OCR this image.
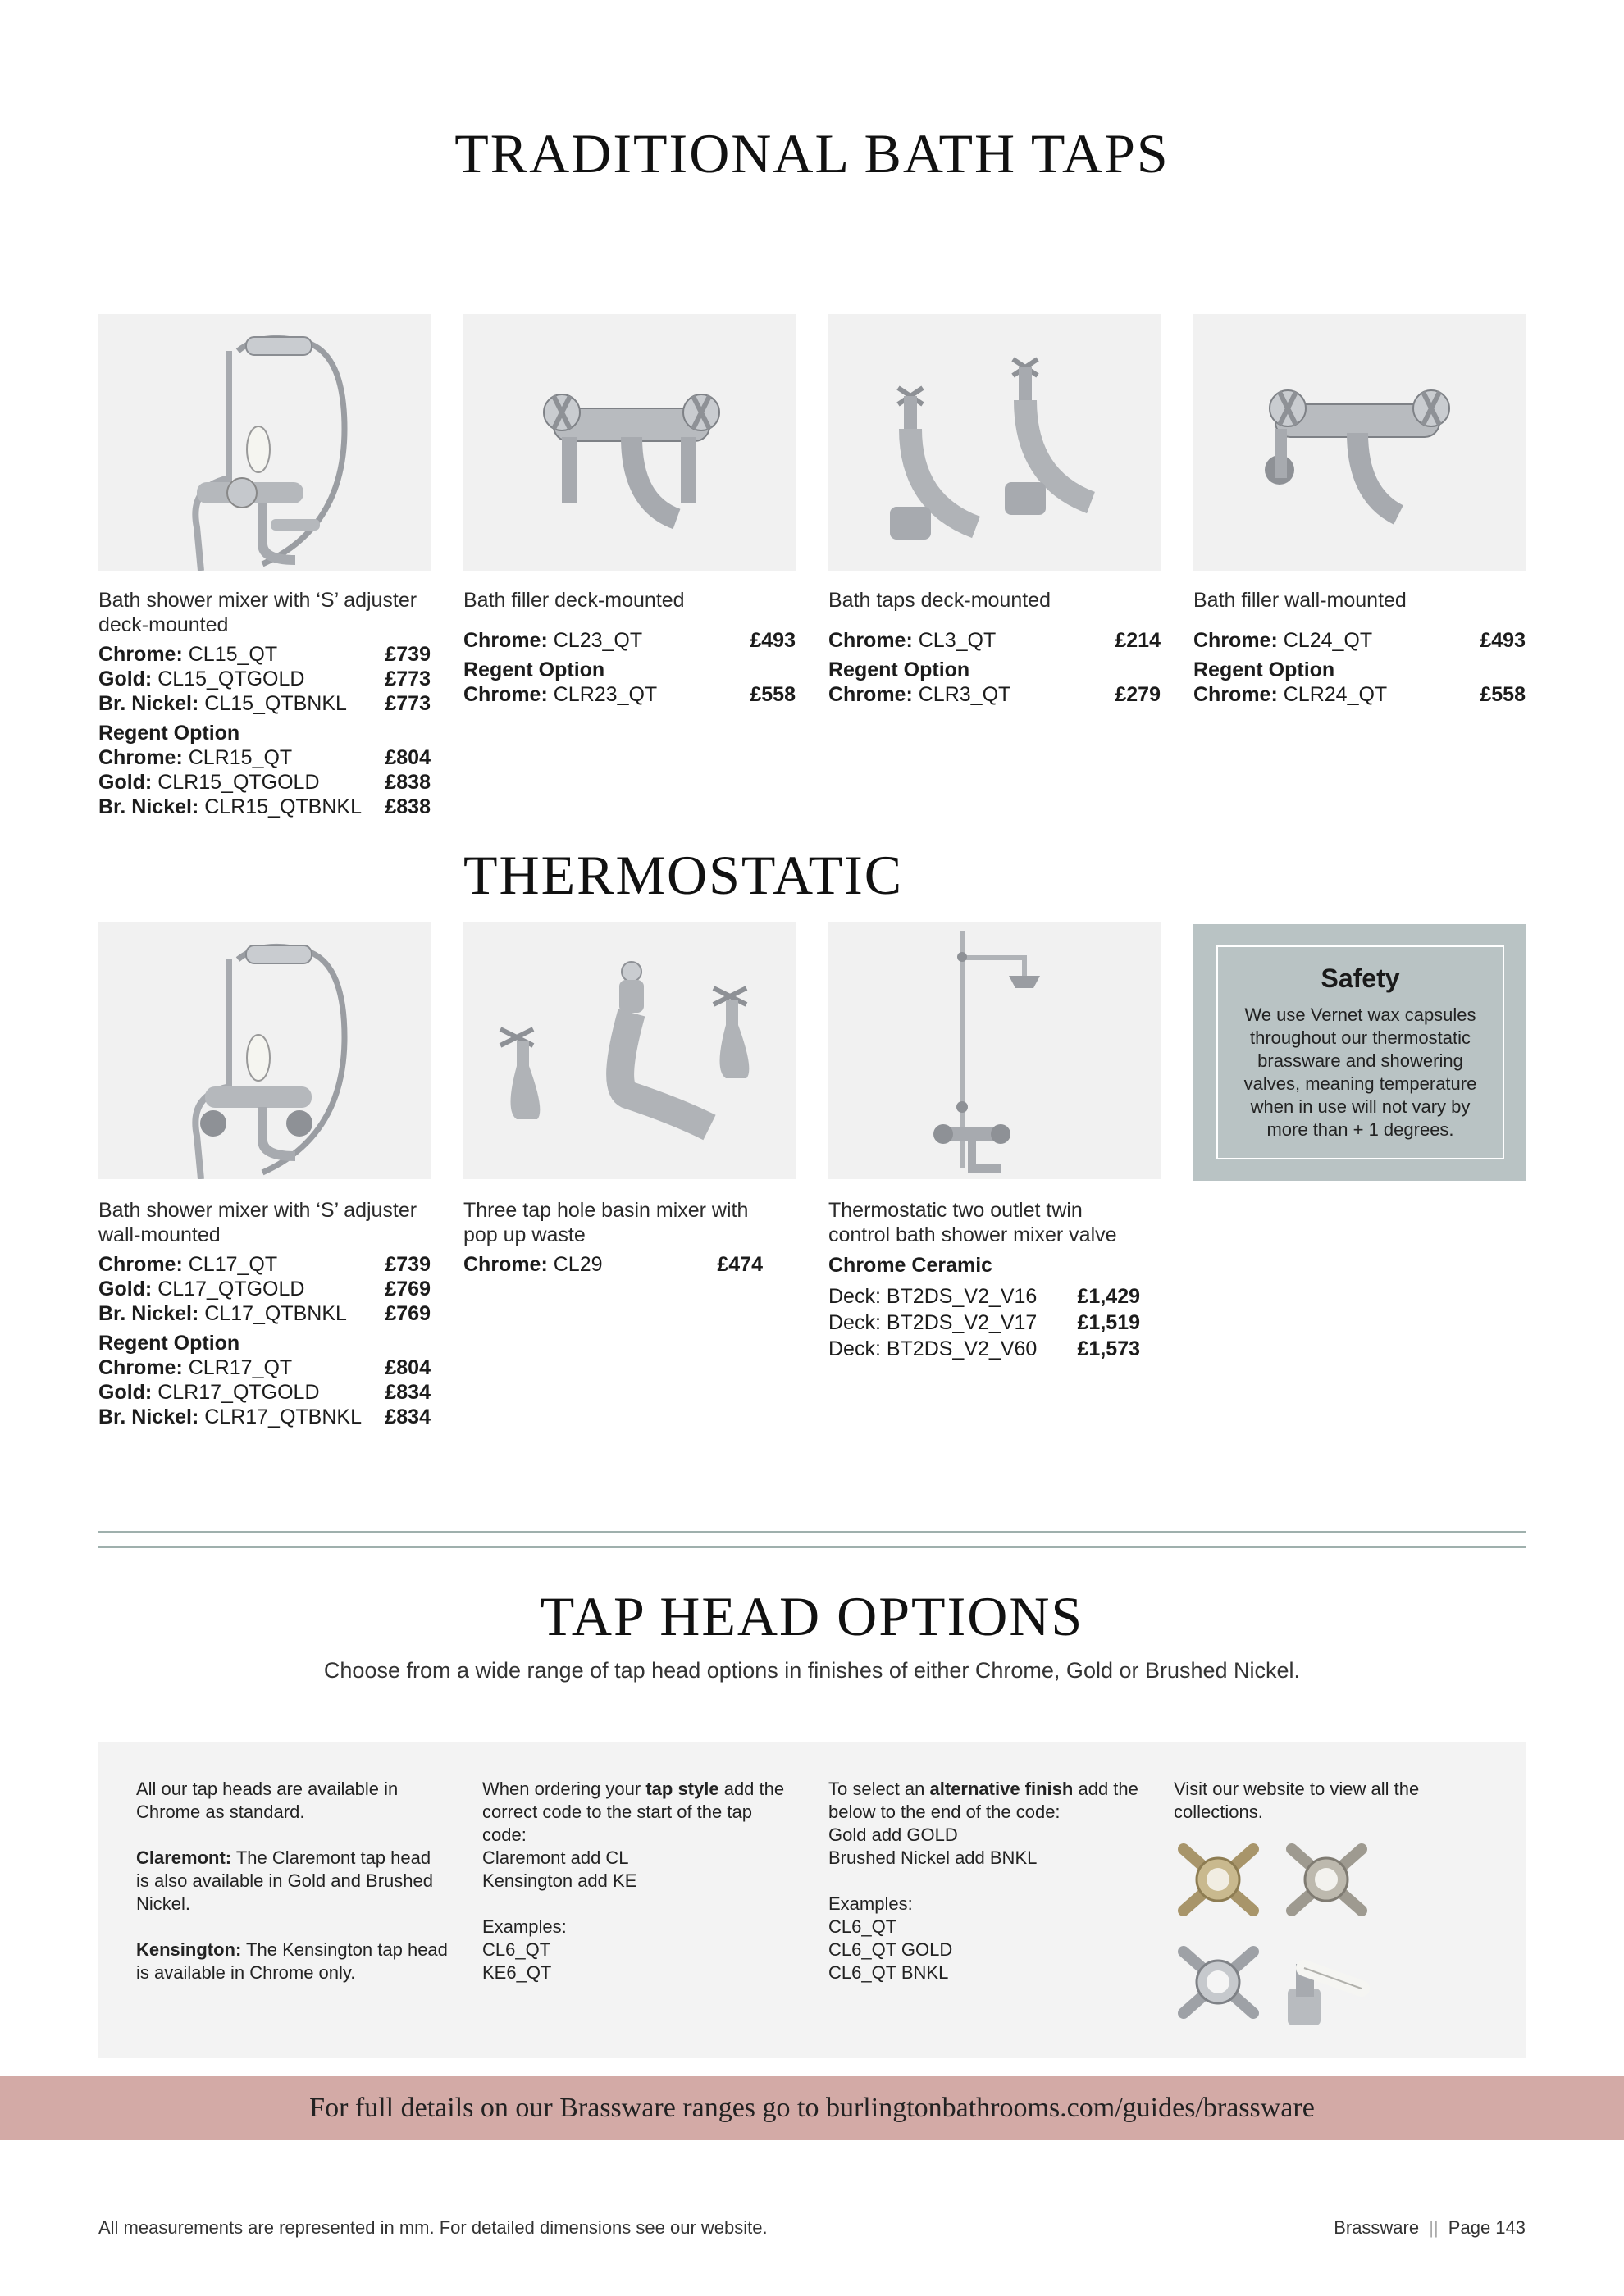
TRADITIONAL BATH TAPS
Bath shower mixer with ‘S’ adjuster deck-mounted
Chrome: CL15_QT	£739
Gold: CL15_QTGOLD	£773
Br. Nickel: CL15_QTBNKL £773
Regent Option
Chrome: CLR15_QT	£804
Gold: CLR15_QTGOLD	£838
Br. Nickel: CLR15_QTBNKL £838
Bath filler deck-mounted
Chrome: CL23_QT	£493
Regent Option
Chrome: CLR23_QT	£558
Bath taps deck-mounted
Chrome: CL3_QT	£214
Regent Option
Chrome: CLR3_QT	£279
Bath filler wall-mounted
Chrome: CL24_QT	£493
Regent Option
Chrome: CLR24_QT	£558
THERMOSTATIC
Safety
We use Vernet wax capsules throughout our thermostatic brassware and showering valves, meaning temperature when in use will not vary by more than + 1 degrees.
Bath shower mixer with ‘S’ adjuster wall-mounted
Chrome: CL17_QT	£739
Gold: CL17_QTGOLD	£769
Br. Nickel: CL17_QTBNKL £769
Regent Option
Chrome: CLR17_QT	£804
Gold: CLR17_QTGOLD	£834
Br. Nickel: CLR17_QTBNKL £834
Three tap hole basin mixer with pop up waste
Chrome: CL29	£474
Thermostatic two outlet twin control bath shower mixer valve
Chrome Ceramic
Deck: BT2DS_V2_V16 £1,429
Deck: BT2DS_V2_V17 £1,519
Deck: BT2DS_V2_V60 £1,573
TAP HEAD OPTIONS
Choose from a wide range of tap head options in finishes of either Chrome, Gold or Brushed Nickel.

All our tap heads are available in Chrome as standard.

Claremont: The Claremont tap head is also available in Gold and Brushed Nickel.

Kensington: The Kensington tap head is available in Chrome only.

When ordering your tap style add the correct code to the start of the tap code:
Claremont add CL
Kensington add KE
Examples:
CL6_QT
KE6_QT
To select an alternative finish add the below to the end of the code:
Gold add GOLD
Brushed Nickel add BNKL
Examples:
CL6_QT
CL6_QT GOLD
CL6_QT BNKL
Visit our website to view all the collections.
For full details on our Brassware ranges go to burlingtonbathrooms.com/guides/brassware
All measurements are represented in mm. For detailed dimensions see our website.	Brassware || Page 143
